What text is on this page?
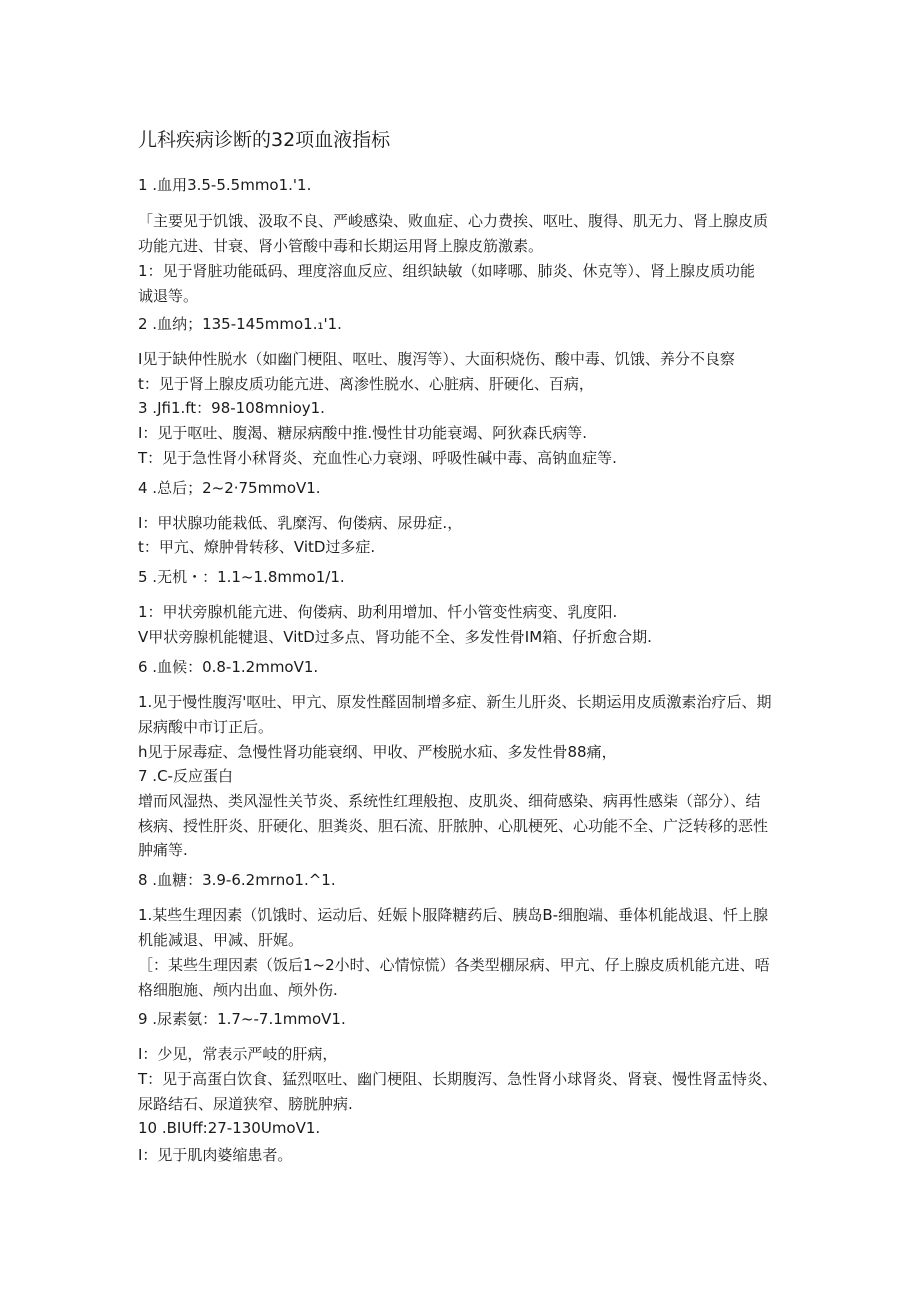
儿科疾病诊断的32项血液指标
1 .血用3.5-5.5mmo1.'1.
「主要见于饥饿、汲取不良、严峻感染、败血症、心力费挨、呕吐、腹得、肌无力、肾上腺皮质
功能亢进、甘衰、肾小管酸中毒和长期运用肾上腺皮筋激素。
1：见于肾脏功能砥码、理度溶血反应、组织缺敏（如哮哪、肺炎、休克等）、肾上腺皮质功能
诚退等。
2 .血纳；135-145mmo1.₁'1.
I见于缺仲性脱水（如幽门梗阻、呕吐、腹泻等）、大面积烧伤、酸中毒、饥饿、养分不良察
t：见于肾上腺皮质功能亢进、离渗性脱水、心脏病、肝硬化、百病，
3 .Jfi1.ft：98-108mnioy1.
I：见于呕吐、腹渴、糖尿病酸中推.慢性甘功能衰竭、阿狄森氏病等.
T：见于急性肾小秫肾炎、充血性心力衰翊、呼吸性碱中毒、高钠血症等.
4 .总后；2~2·75mmoV1.
I：甲状腺功能栽低、乳糜泻、佝偻病、尿毋症.，
t：甲亢、燎肿骨转移、VitD过多症.
5 .无机・：1.1~1.8mmo1/1.
1：甲状旁腺机能亢进、佝偻病、助利用增加、忏小管变性病变、乳度阳.
V甲状旁腺机能犍退、VitD过多点、肾功能不全、多发性骨IM箱、仔折愈合期.
6 .血候：0.8-1.2mmoV1.
1.见于慢性腹泻'呕吐、甲亢、原发性醛固制增多症、新生儿肝炎、长期运用皮质激素治疗后、期
尿病酸中市订正后。
h见于尿毒症、急慢性肾功能衰纲、甲收、严梭脱水疝、多发性骨88痛，
7 .C-反应蛋白
增而风湿热、类风湿性关节炎、系统性红理般抱、皮肌炎、细荷感染、病再性感柒（部分）、结
核病、授性肝炎、肝硬化、胆粪炎、胆石流、肝脓肿、心肌梗死、心功能不全、广泛转移的恶性
肿痛等.
8 .血糖：3.9-6.2mrno1.^1.
1.某些生理因素（饥饿时、运动后、妊娠卜服降糖药后、胰岛B-细胞端、垂体机能战退、忏上腺
机能减退、甲减、肝娓。
［：某些生理因素（饭后1~2小时、心情惊慌）各类型棚尿病、甲亢、仔上腺皮质机能亢进、唔
格细胞施、颅内出血、颅外伤.
9 .尿素氨：1.7~-7.1mmoV1.
I：少见，常表示严岐的肝病，
T：见于高蛋白饮食、猛烈呕吐、幽门梗阻、长期腹泻、急性肾小球肾炎、肾衰、慢性肾盂恃炎、
尿路结石、尿道狭窄、膀胱肿病.
10 .BIUff:27-130UmoV1.
I：见于肌肉婆缩患者。
